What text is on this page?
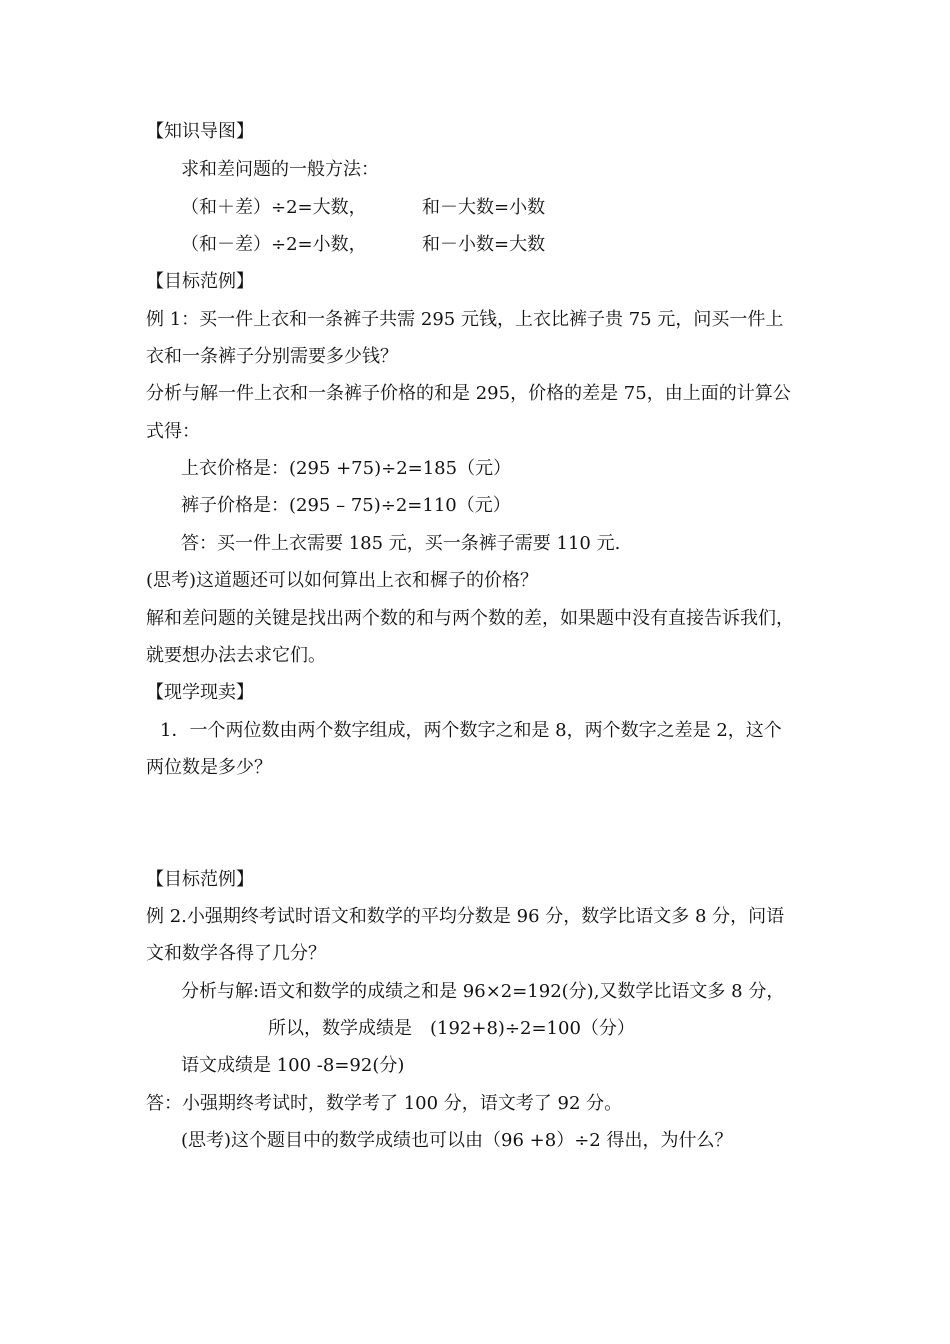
【知识导图】
求和差问题的一般方法：
（和＋差）÷2=大数，	和－大数=小数
（和－差）÷2=小数，	和－小数=大数
【目标范例】
例 1：买一件上衣和一条裤子共需 295 元钱，上衣比裤子贵 75 元，问买一件上
衣和一条裤子分别需要多少钱？
分析与解一件上衣和一条裤子价格的和是 295，价格的差是 75，由上面的计算公
式得：
上衣价格是：(295 +75)÷2=185（元）
裤子价格是：(295 – 75)÷2=110（元）
答：买一件上衣需要 185 元，买一条裤子需要 110 元.
(思考)这道题还可以如何算出上衣和樨子的价格？
解和差问题的关键是找出两个数的和与两个数的差，如果题中没有直接告诉我们，
就要想办法去求它们。
【现学现卖】
1．一个两位数由两个数字组成，两个数字之和是 8，两个数字之差是 2，这个
两位数是多少？
【目标范例】
例 2.小强期终考试时语文和数学的平均分数是 96 分，数学比语文多 8 分，问语
文和数学各得了几分？
分析与解:语文和数学的成绩之和是 96×2=192(分),又数学比语文多 8 分，
所以，数学成绩是　(192+8)÷2=100（分）
语文成绩是 100 -8=92(分)
答：小强期终考试时，数学考了 100 分，语文考了 92 分。
(思考)这个题目中的数学成绩也可以由（96 +8）÷2 得出，为什么？
